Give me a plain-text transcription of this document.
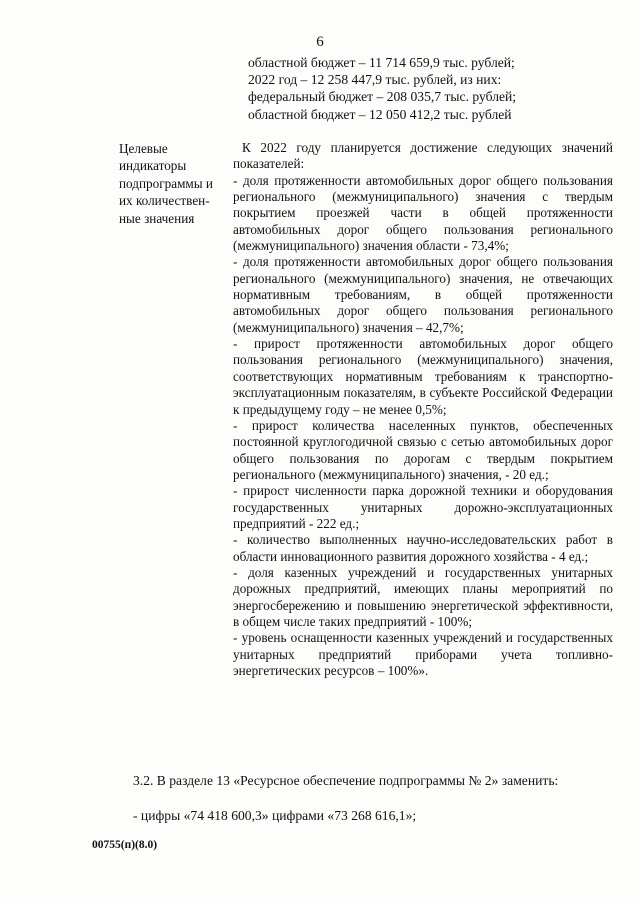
6
областной бюджет – 11 714 659,9 тыс. рублей;
2022 год – 12 258 447,9 тыс. рублей, из них:
федеральный бюджет – 208 035,7 тыс. рублей;
областной бюджет – 12 050 412,2 тыс. рублей
Целевые
индикаторы
подпрограммы и
их количествен-
ные значения
К 2022 году планируется достижение следующих значений показателей:

- доля протяженности автомобильных дорог общего пользования регионального (межмуниципального) значения с твердым покрытием проезжей части в общей протяженности автомобильных дорог общего пользования регионального (межмуниципального) значения области - 73,4%;

- доля протяженности автомобильных дорог общего пользования регионального (межмуниципального) значения, не отвечающих нормативным требованиям, в общей протяженности автомобильных дорог общего пользования регионального (межмуниципального) значения – 42,7%;

- прирост протяженности автомобильных дорог общего пользования регионального (межмуниципального) значения, соответствующих нормативным требованиям к транспортно-эксплуатационным показателям, в субъекте Российской Федерации к предыдущему году – не менее 0,5%;

- прирост количества населенных пунктов, обеспеченных постоянной круглогодичной связью с сетью автомобильных дорог общего пользования по дорогам с твердым покрытием регионального (межмуниципального) значения, - 20 ед.;

- прирост численности парка дорожной техники и оборудования государственных унитарных дорожно-эксплуатационных предприятий - 222 ед.;

- количество выполненных научно-исследовательских работ в области инновационного развития дорожного хозяйства - 4 ед.;

- доля казенных учреждений и государственных унитарных дорожных предприятий, имеющих планы мероприятий по энергосбережению и повышению энергетической эффективности, в общем числе таких предприятий - 100%;

- уровень оснащенности казенных учреждений и государственных унитарных предприятий приборами учета топливно-энергетических ресурсов – 100%».

3.2. В разделе 13 «Ресурсное обеспечение подпрограммы № 2» заменить:
- цифры «74 418 600,3» цифрами «73 268 616,1»;
00755(п)(8.0)
